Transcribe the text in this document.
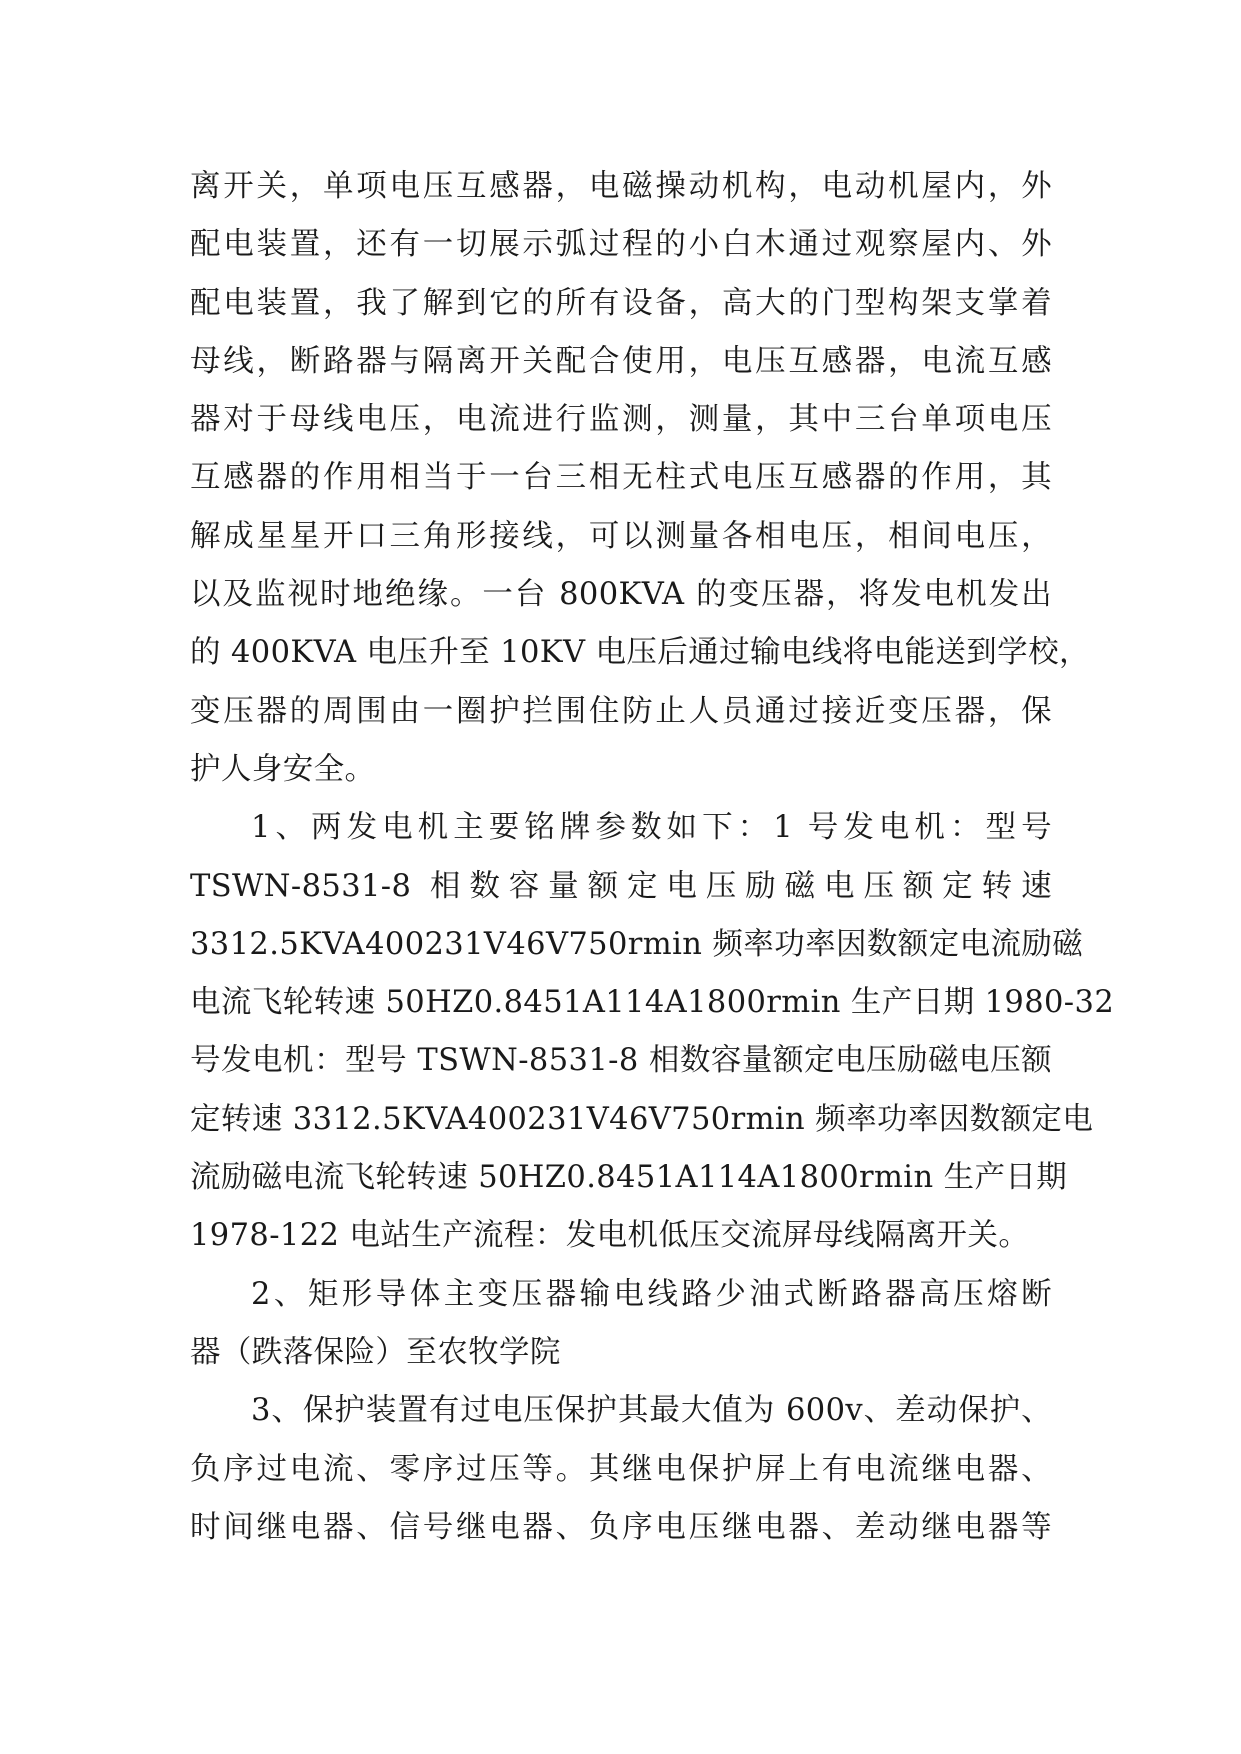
离开关，单项电压互感器，电磁操动机构，电动机屋内，外
配电装置，还有一切展示弧过程的小白木通过观察屋内、外
配电装置，我了解到它的所有设备，高大的门型构架支掌着
母线，断路器与隔离开关配合使用，电压互感器，电流互感
器对于母线电压，电流进行监测，测量，其中三台单项电压
互感器的作用相当于一台三相无柱式电压互感器的作用，其
解成星星开口三角形接线，可以测量各相电压，相间电压，
以及监视时地绝缘。一台 800KVA 的变压器，将发电机发出
的 400KVA 电压升至 10KV 电压后通过输电线将电能送到学校，
变压器的周围由一圈护拦围住防止人员通过接近变压器，保
护人身安全。
1、两发电机主要铭牌参数如下：1 号发电机：型号
TSWN-8531-8 相数容量额定电压励磁电压额定转速
3312.5KVA400231V46V750rmin 频率功率因数额定电流励磁
电流飞轮转速 50HZ0.8451A114A1800rmin 生产日期 1980-32
号发电机：型号 TSWN-8531-8 相数容量额定电压励磁电压额
定转速 3312.5KVA400231V46V750rmin 频率功率因数额定电
流励磁电流飞轮转速 50HZ0.8451A114A1800rmin 生产日期
1978-122 电站生产流程：发电机低压交流屏母线隔离开关。
2、矩形导体主变压器输电线路少油式断路器高压熔断
器（跌落保险）至农牧学院
3、保护装置有过电压保护其最大值为 600v、差动保护、
负序过电流、零序过压等。其继电保护屏上有电流继电器、
时间继电器、信号继电器、负序电压继电器、差动继电器等
